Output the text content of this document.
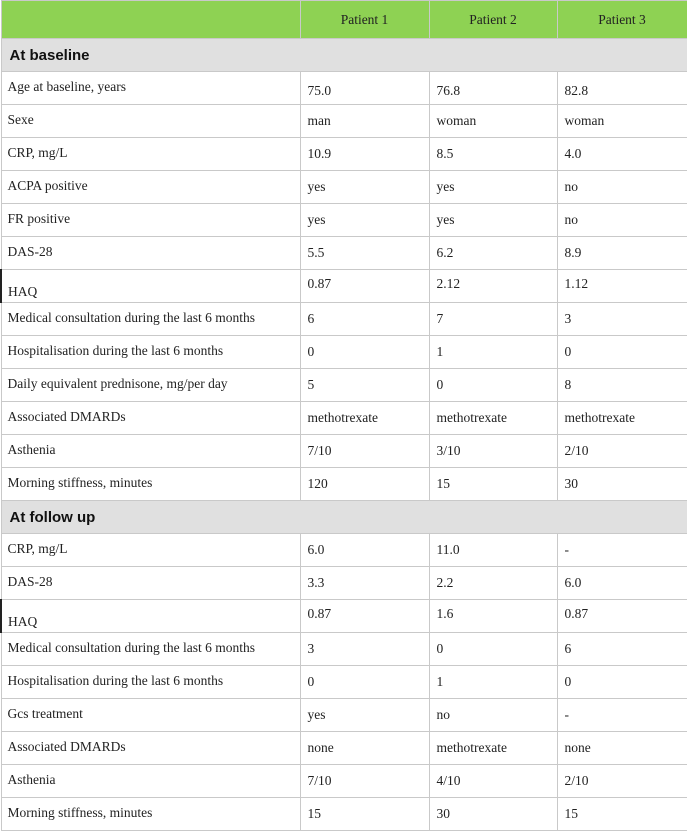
	Patient 1	Patient 2	Patient 3
At baseline			
Age at baseline, years	75.0	76.8	82.8
Sexe	man	woman	woman
CRP, mg/L	10.9	8.5	4.0
ACPA positive	yes	yes	no
FR positive	yes	yes	no
DAS-28	5.5	6.2	8.9
HAQ	0.87	2.12	1.12
Medical consultation during the last 6 months	6	7	3
Hospitalisation during the last 6 months	0	1	0
Daily equivalent prednisone, mg/per day	5	0	8
Associated DMARDs	methotrexate	methotrexate	methotrexate
Asthenia	7/10	3/10	2/10
Morning stiffness, minutes	120	15	30
At follow up			
CRP, mg/L	6.0	11.0	-
DAS-28	3.3	2.2	6.0
HAQ	0.87	1.6	0.87
Medical consultation during the last 6 months	3	0	6
Hospitalisation during the last 6 months	0	1	0
Gcs treatment	yes	no	-
Associated DMARDs	none	methotrexate	none
Asthenia	7/10	4/10	2/10
Morning stiffness, minutes	15	30	15
